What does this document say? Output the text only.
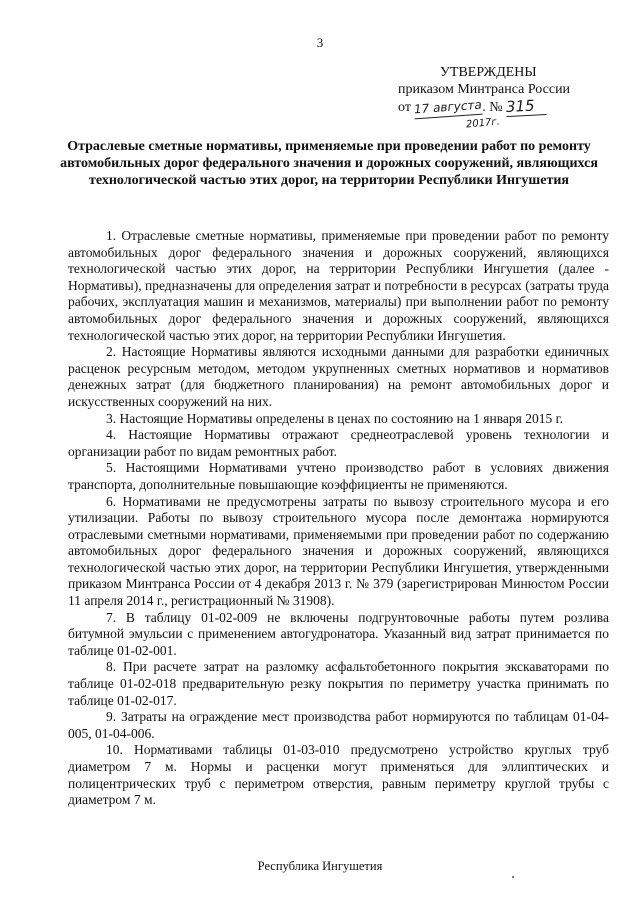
3
УТВЕРЖДЕНЫ
приказом Минтранса России
от 17 августа. № 315
2017г.
Отраслевые сметные нормативы, применяемые при проведении работ по ремонту автомобильных дорог федерального значения и дорожных сооружений, являющихся технологической частью этих дорог, на территории Республики Ингушетия

1. Отраслевые сметные нормативы, применяемые при проведении работ по ремонту автомобильных дорог федерального значения и дорожных сооружений, являющихся технологической частью этих дорог, на территории Республики Ингушетия (далее - Нормативы), предназначены для определения затрат и потребности в ресурсах (затраты труда рабочих, эксплуатация машин и механизмов, материалы) при выполнении работ по ремонту автомобильных дорог федерального значения и дорожных сооружений, являющихся технологической частью этих дорог, на территории Республики Ингушетия.

2. Настоящие Нормативы являются исходными данными для разработки единичных расценок ресурсным методом, методом укрупненных сметных нормативов и нормативов денежных затрат (для бюджетного планирования) на ремонт автомобильных дорог и искусственных сооружений на них.

3. Настоящие Нормативы определены в ценах по состоянию на 1 января 2015 г.

4. Настоящие Нормативы отражают среднеотраслевой уровень технологии и организации работ по видам ремонтных работ.

5. Настоящими Нормативами учтено производство работ в условиях движения транспорта, дополнительные повышающие коэффициенты не применяются.

6. Нормативами не предусмотрены затраты по вывозу строительного мусора и его утилизации. Работы по вывозу строительного мусора после демонтажа нормируются отраслевыми сметными нормативами, применяемыми при проведении работ по содержанию автомобильных дорог федерального значения и дорожных сооружений, являющихся технологической частью этих дорог, на территории Республики Ингушетия, утвержденными приказом Минтранса России от 4 декабря 2013 г. № 379 (зарегистрирован Минюстом России 11 апреля 2014 г., регистрационный № 31908).

7. В таблицу 01-02-009 не включены подгрунтовочные работы путем розлива битумной эмульсии с применением автогудронатора. Указанный вид затрат принимается по таблице 01-02-001.

8. При расчете затрат на разломку асфальтобетонного покрытия экскаваторами по таблице 01-02-018 предварительную резку покрытия по периметру участка принимать по таблице 01-02-017.

9. Затраты на ограждение мест производства работ нормируются по таблицам 01-04-005, 01-04-006.

10. Нормативами таблицы 01-03-010 предусмотрено устройство круглых труб диаметром 7 м. Нормы и расценки могут применяться для эллиптических и полицентрических труб с периметром отверстия, равным периметру круглой трубы с диаметром 7 м.

Республика Ингушетия
